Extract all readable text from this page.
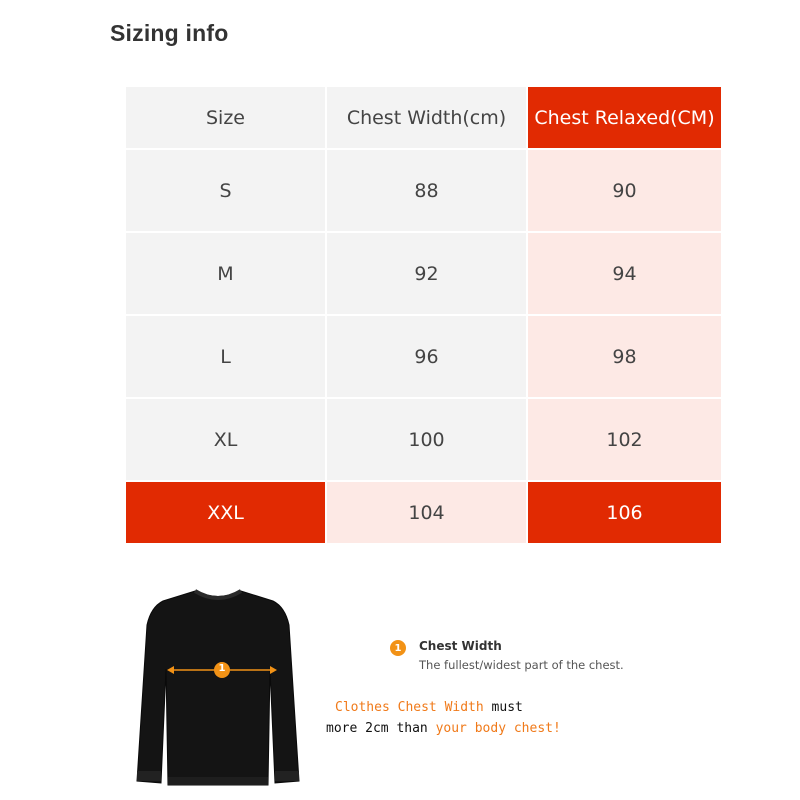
Sizing info
Size	Chest Width(cm)	Chest Relaxed(CM)
S	88	90
M	92	94
L	96	98
XL	100	102
XXL	104	106
1
1	Chest Width
The fullest/widest part of the chest.
Clothes Chest Width must
more 2cm than your body chest!
